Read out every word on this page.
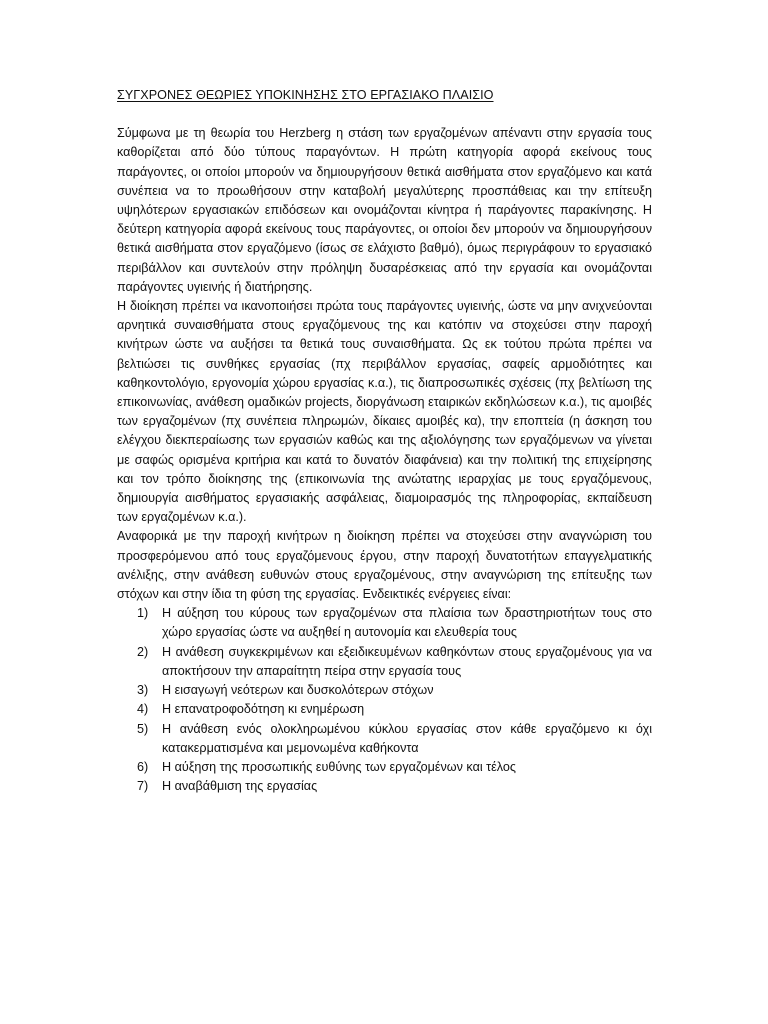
ΣΥΓΧΡΟΝΕΣ ΘΕΩΡΙΕΣ ΥΠΟΚΙΝΗΣΗΣ ΣΤΟ ΕΡΓΑΣΙΑΚΟ ΠΛΑΙΣΙΟ

Σύμφωνα με τη θεωρία του Herzberg η στάση των εργαζομένων απέναντι στην εργασία τους καθορίζεται από δύο τύπους παραγόντων. Η πρώτη κατηγορία αφορά εκείνους τους παράγοντες, οι οποίοι μπορούν να δημιουργήσουν θετικά αισθήματα στον εργαζόμενο και κατά συνέπεια να το προωθήσουν στην καταβολή μεγαλύτερης προσπάθειας και την επίτευξη υψηλότερων εργασιακών επιδόσεων και ονομάζονται κίνητρα ή παράγοντες παρακίνησης. Η δεύτερη κατηγορία αφορά εκείνους τους παράγοντες, οι οποίοι δεν μπορούν να δημιουργήσουν θετικά αισθήματα στον εργαζόμενο (ίσως σε ελάχιστο βαθμό), όμως περιγράφουν το εργασιακό περιβάλλον και συντελούν στην πρόληψη δυσαρέσκειας από την εργασία και ονομάζονται παράγοντες υγιεινής ή διατήρησης.

Η διοίκηση πρέπει να ικανοποιήσει πρώτα τους παράγοντες υγιεινής, ώστε να μην ανιχνεύονται αρνητικά συναισθήματα στους εργαζόμενους της και κατόπιν να στοχεύσει στην παροχή κινήτρων ώστε να αυξήσει τα θετικά τους συναισθήματα. Ως εκ τούτου πρώτα πρέπει να βελτιώσει τις συνθήκες εργασίας (πχ περιβάλλον εργασίας, σαφείς αρμοδιότητες και καθηκοντολόγιο, εργονομία χώρου εργασίας κ.α.), τις διαπροσωπικές σχέσεις (πχ βελτίωση της επικοινωνίας, ανάθεση ομαδικών projects, διοργάνωση εταιρικών εκδηλώσεων κ.α.), τις αμοιβές των εργαζομένων (πχ συνέπεια πληρωμών, δίκαιες αμοιβές κα), την εποπτεία (η άσκηση του ελέγχου διεκπεραίωσης των εργασιών καθώς και της αξιολόγησης των εργαζόμενων να γίνεται με σαφώς ορισμένα κριτήρια και κατά το δυνατόν διαφάνεια) και την πολιτική της επιχείρησης και τον τρόπο διοίκησης της (επικοινωνία της ανώτατης ιεραρχίας με τους εργαζόμενους, δημιουργία αισθήματος εργασιακής ασφάλειας, διαμοιρασμός της πληροφορίας, εκπαίδευση των εργαζομένων κ.α.).

Αναφορικά με την παροχή κινήτρων η διοίκηση πρέπει να στοχεύσει στην αναγνώριση του προσφερόμενου από τους εργαζόμενους έργου, στην παροχή δυνατοτήτων επαγγελματικής ανέλιξης, στην ανάθεση ευθυνών στους εργαζομένους, στην αναγνώριση της επίτευξης των στόχων και στην ίδια τη φύση της εργασίας. Ενδεικτικές ενέργειες είναι:

1) Η αύξηση του κύρους των εργαζομένων στα πλαίσια των δραστηριοτήτων τους στο χώρο εργασίας ώστε να αυξηθεί η αυτονομία και ελευθερία τους
2) Η ανάθεση συγκεκριμένων και εξειδικευμένων καθηκόντων στους εργαζομένους για να αποκτήσουν την απαραίτητη πείρα στην εργασία τους
3) Η εισαγωγή νεότερων και δυσκολότερων στόχων
4) Η επανατροφοδότηση κι ενημέρωση
5) Η ανάθεση ενός ολοκληρωμένου κύκλου εργασίας στον κάθε εργαζόμενο κι όχι κατακερματισμένα και μεμονωμένα καθήκοντα
6) Η αύξηση της προσωπικής ευθύνης των εργαζομένων και τέλος
7) Η αναβάθμιση της εργασίας
